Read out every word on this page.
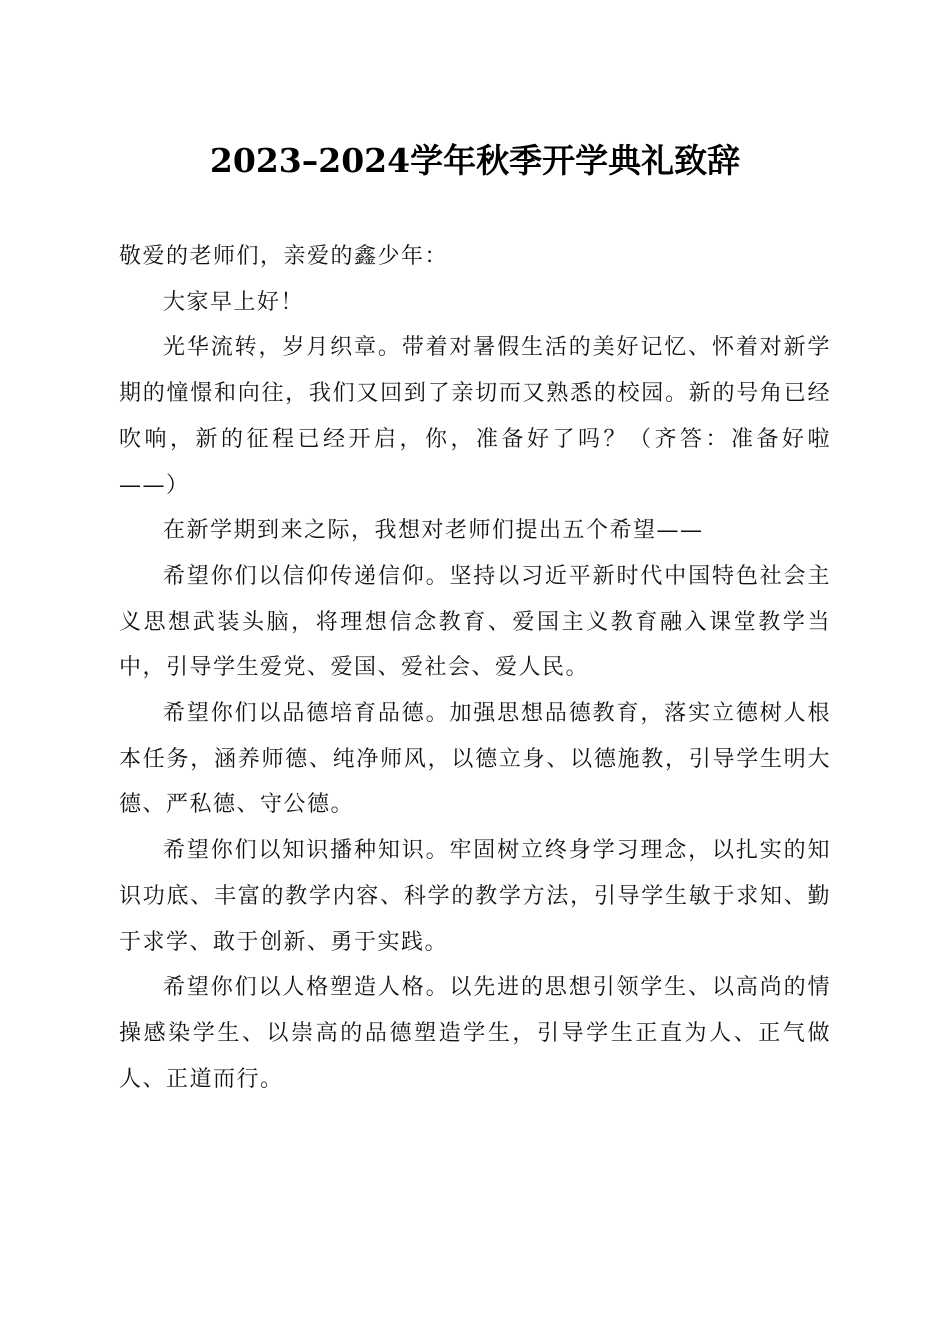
2023–2024学年秋季开学典礼致辞

敬爱的老师们，亲爱的鑫少年：

大家早上好！

光华流转，岁月织章。带着对暑假生活的美好记忆、怀着对新学期的憧憬和向往，我们又回到了亲切而又熟悉的校园。新的号角已经吹响，新的征程已经开启，你，准备好了吗？（齐答：准备好啦——）

在新学期到来之际，我想对老师们提出五个希望——

希望你们以信仰传递信仰。坚持以习近平新时代中国特色社会主义思想武装头脑，将理想信念教育、爱国主义教育融入课堂教学当中，引导学生爱党、爱国、爱社会、爱人民。

希望你们以品德培育品德。加强思想品德教育，落实立德树人根本任务，涵养师德、纯净师风，以德立身、以德施教，引导学生明大德、严私德、守公德。

希望你们以知识播种知识。牢固树立终身学习理念，以扎实的知识功底、丰富的教学内容、科学的教学方法，引导学生敏于求知、勤于求学、敢于创新、勇于实践。

希望你们以人格塑造人格。以先进的思想引领学生、以高尚的情操感染学生、以崇高的品德塑造学生，引导学生正直为人、正气做人、正道而行。
